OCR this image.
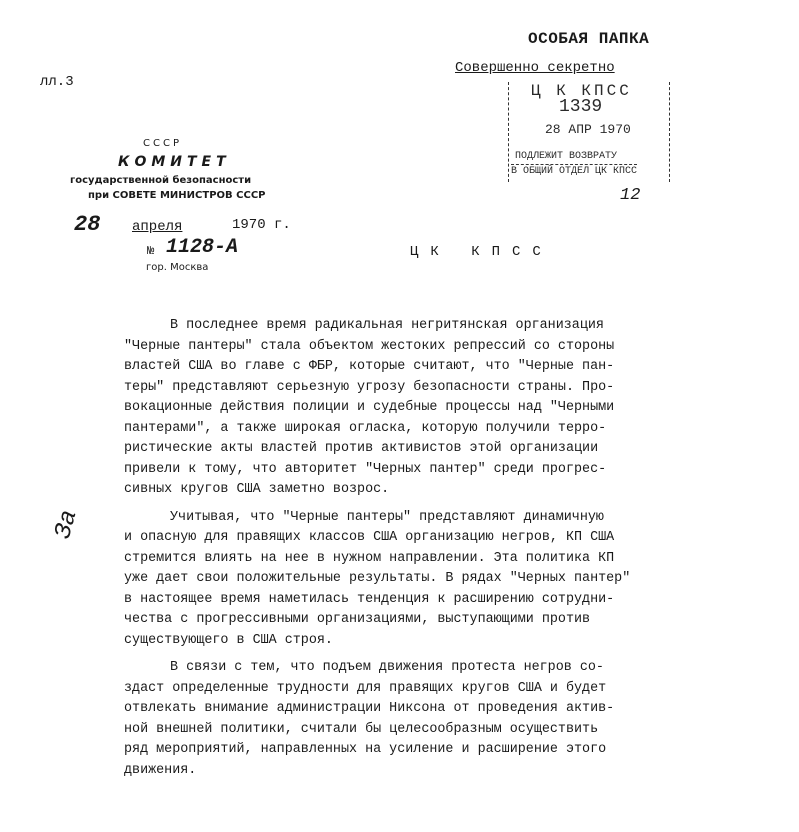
лл.3
ОСОБАЯ ПАПКА
Совершенно секретно
Ц К КПСС
1339
28 АПР 1970
ПОДЛЕЖИТ ВОЗВРАТУ
В ОБЩИЙ ОТДЕЛ ЦК КПСС
12
СССР
КОМИТЕТ
государственной безопасности
при СОВЕТЕ МИНИСТРОВ СССР
28 апреля	1970 г.
№ 1128-А
гор. Москва
ЦК КПСС
За
В последнее время радикальная негритянская организация
"Черные пантеры" стала объектом жестоких репрессий со стороны
властей США во главе с ФБР, которые считают, что "Черные пан-
теры" представляют серьезную угрозу безопасности страны. Про-
вокационные действия полиции и судебные процессы над "Черными
пантерами", а также широкая огласка, которую получили терро-
ристические акты властей против активистов этой организации
привели к тому, что авторитет "Черных пантер" среди прогрес-
сивных кругов США заметно возрос.
Учитывая, что "Черные пантеры" представляют динамичную
и опасную для правящих классов США организацию негров, КП США
стремится влиять на нее в нужном направлении. Эта политика КП
уже дает свои положительные результаты. В рядах "Черных пантер"
в настоящее время наметилась тенденция к расширению сотрудни-
чества с прогрессивными организациями, выступающими против
существующего в США строя.
В связи с тем, что подъем движения протеста негров со-
здаст определенные трудности для правящих кругов США и будет
отвлекать внимание администрации Никсона от проведения актив-
ной внешней политики, считали бы целесообразным осуществить
ряд мероприятий, направленных на усиление и расширение этого
движения.
